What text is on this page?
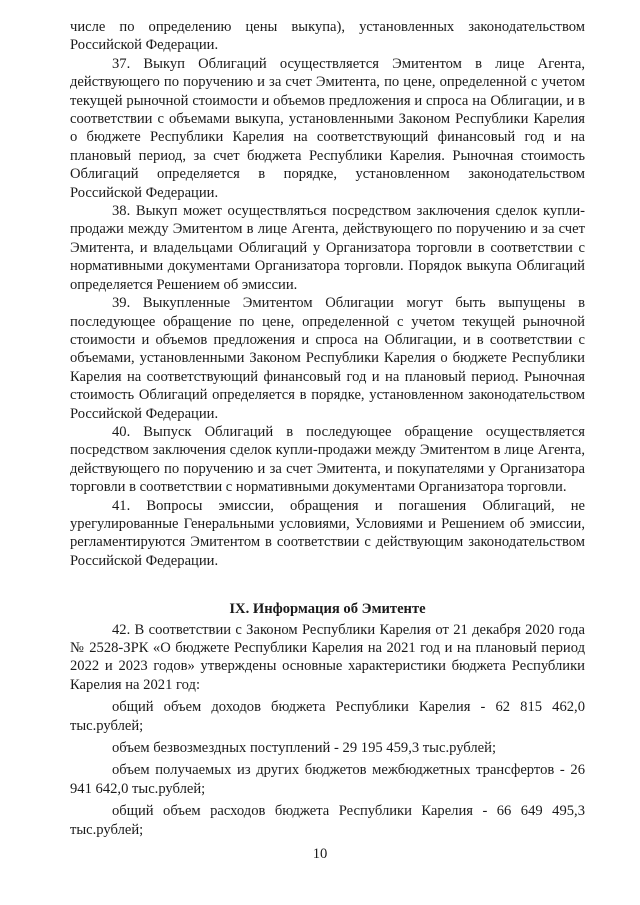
числе по определению цены выкупа), установленных законодательством Российской Федерации.

37. Выкуп Облигаций осуществляется Эмитентом в лице Агента, действующего по поручению и за счет Эмитента, по цене, определенной с учетом текущей рыночной стоимости и объемов предложения и спроса на Облигации, и в соответствии с объемами выкупа, установленными Законом Республики Карелия о бюджете Республики Карелия на соответствующий финансовый год и на плановый период, за счет бюджета Республики Карелия. Рыночная стоимость Облигаций определяется в порядке, установленном законодательством Российской Федерации.

38. Выкуп может осуществляться посредством заключения сделок купли-продажи между Эмитентом в лице Агента, действующего по поручению и за счет Эмитента, и владельцами Облигаций у Организатора торговли в соответствии с нормативными документами Организатора торговли. Порядок выкупа Облигаций определяется Решением об эмиссии.

39. Выкупленные Эмитентом Облигации могут быть выпущены в последующее обращение по цене, определенной с учетом текущей рыночной стоимости и объемов предложения и спроса на Облигации, и в соответствии с объемами, установленными Законом Республики Карелия о бюджете Республики Карелия на соответствующий финансовый год и на плановый период. Рыночная стоимость Облигаций определяется в порядке, установленном законодательством Российской Федерации.

40. Выпуск Облигаций в последующее обращение осуществляется посредством заключения сделок купли-продажи между Эмитентом в лице Агента, действующего по поручению и за счет Эмитента, и покупателями у Организатора торговли в соответствии с нормативными документами Организатора торговли.

41. Вопросы эмиссии, обращения и погашения Облигаций, не урегулированные Генеральными условиями, Условиями и Решением об эмиссии, регламентируются Эмитентом в соответствии с действующим законодательством Российской Федерации.

IX. Информация об Эмитенте

42. В соответствии с Законом Республики Карелия от 21 декабря 2020 года № 2528-ЗРК «О бюджете Республики Карелия на 2021 год и на плановый период 2022 и 2023 годов» утверждены основные характеристики бюджета Республики Карелия на 2021 год:

общий объем доходов бюджета Республики Карелия - 62 815 462,0 тыс.рублей;

объем безвозмездных поступлений - 29 195 459,3 тыс.рублей;

объем получаемых из других бюджетов межбюджетных трансфертов - 26 941 642,0 тыс.рублей;

общий объем расходов бюджета Республики Карелия - 66 649 495,3 тыс.рублей;

10
